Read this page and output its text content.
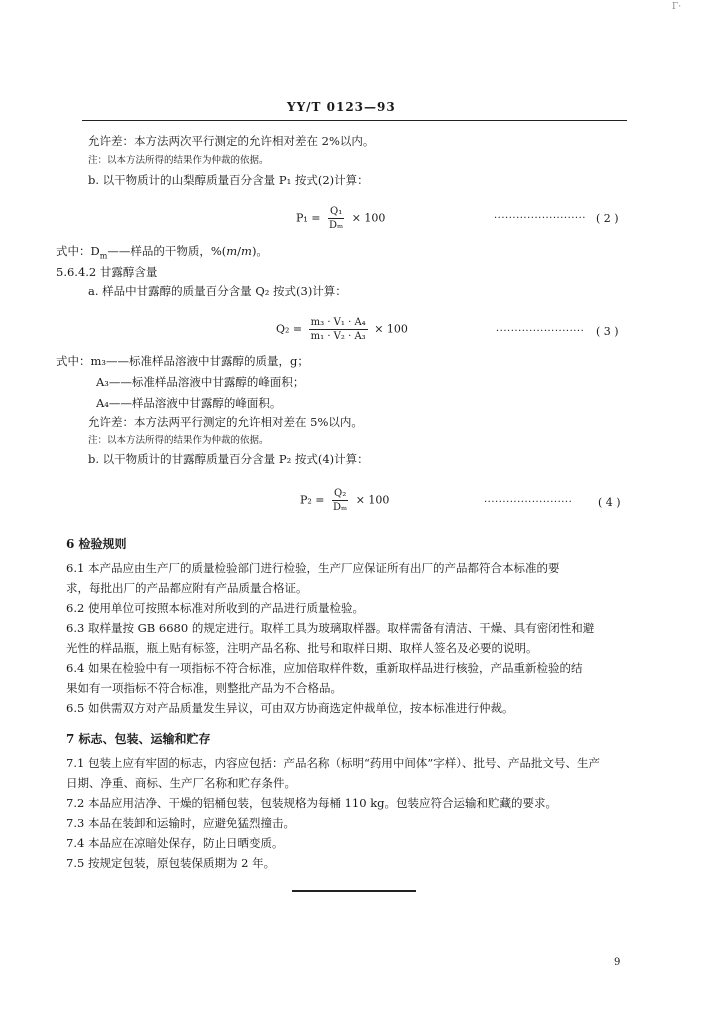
Γ·
YY/T 0123—93
允许差：本方法两次平行测定的允许相对差在 2%以内。
注：以本方法所得的结果作为仲裁的依据。
b. 以干物质计的山梨醇质量百分含量 P₁ 按式(2)计算：
$P_1 = \frac{\text{Q₁}}{\text{Dₘ}} \times 100$	························· ( 2 )
式中：$D_m——$样品的干物质，%(m/m)。
5.6.4.2 甘露醇含量
a. 样品中甘露醇的质量百分含量 Q₂ 按式(3)计算：
$Q_2 = \frac{\text{m₃ · V₁ · A₄}}{\text{m₁ · V₂ · A₃}} \times 100$	························ ( 3 )
式中：m₃——标准样品溶液中甘露醇的质量，g；
A₃——标准样品溶液中甘露醇的峰面积；
A₄——样品溶液中甘露醇的峰面积。
允许差：本方法两平行测定的允许相对差在 5%以内。
注：以本方法所得的结果作为仲裁的依据。
b. 以干物质计的甘露醇质量百分含量 P₂ 按式(4)计算：
$P_2 = \frac{\text{Q₂}}{\text{Dₘ}} \times 100$	························ ( 4 )
6 检验规则
6.1 本产品应由生产厂的质量检验部门进行检验，生产厂应保证所有出厂的产品都符合本标准的要
求，每批出厂的产品都应附有产品质量合格证。
6.2 使用单位可按照本标准对所收到的产品进行质量检验。
6.3 取样量按 GB 6680 的规定进行。取样工具为玻璃取样器。取样需备有清洁、干燥、具有密闭性和避
光性的样品瓶，瓶上贴有标签，注明产品名称、批号和取样日期、取样人签名及必要的说明。
6.4 如果在检验中有一项指标不符合标准，应加倍取样件数，重新取样品进行核验，产品重新检验的结
果如有一项指标不符合标准，则整批产品为不合格品。
6.5 如供需双方对产品质量发生异议，可由双方协商选定仲裁单位，按本标准进行仲裁。
7 标志、包装、运输和贮存
7.1 包装上应有牢固的标志，内容应包括：产品名称（标明“药用中间体”字样）、批号、产品批文号、生产
日期、净重、商标、生产厂名称和贮存条件。
7.2 本品应用洁净、干燥的铝桶包装，包装规格为每桶 110 kg。包装应符合运输和贮藏的要求。
7.3 本品在装卸和运输时，应避免猛烈撞击。
7.4 本品应在凉暗处保存，防止日晒变质。
7.5 按规定包装，原包装保质期为 2 年。
9
